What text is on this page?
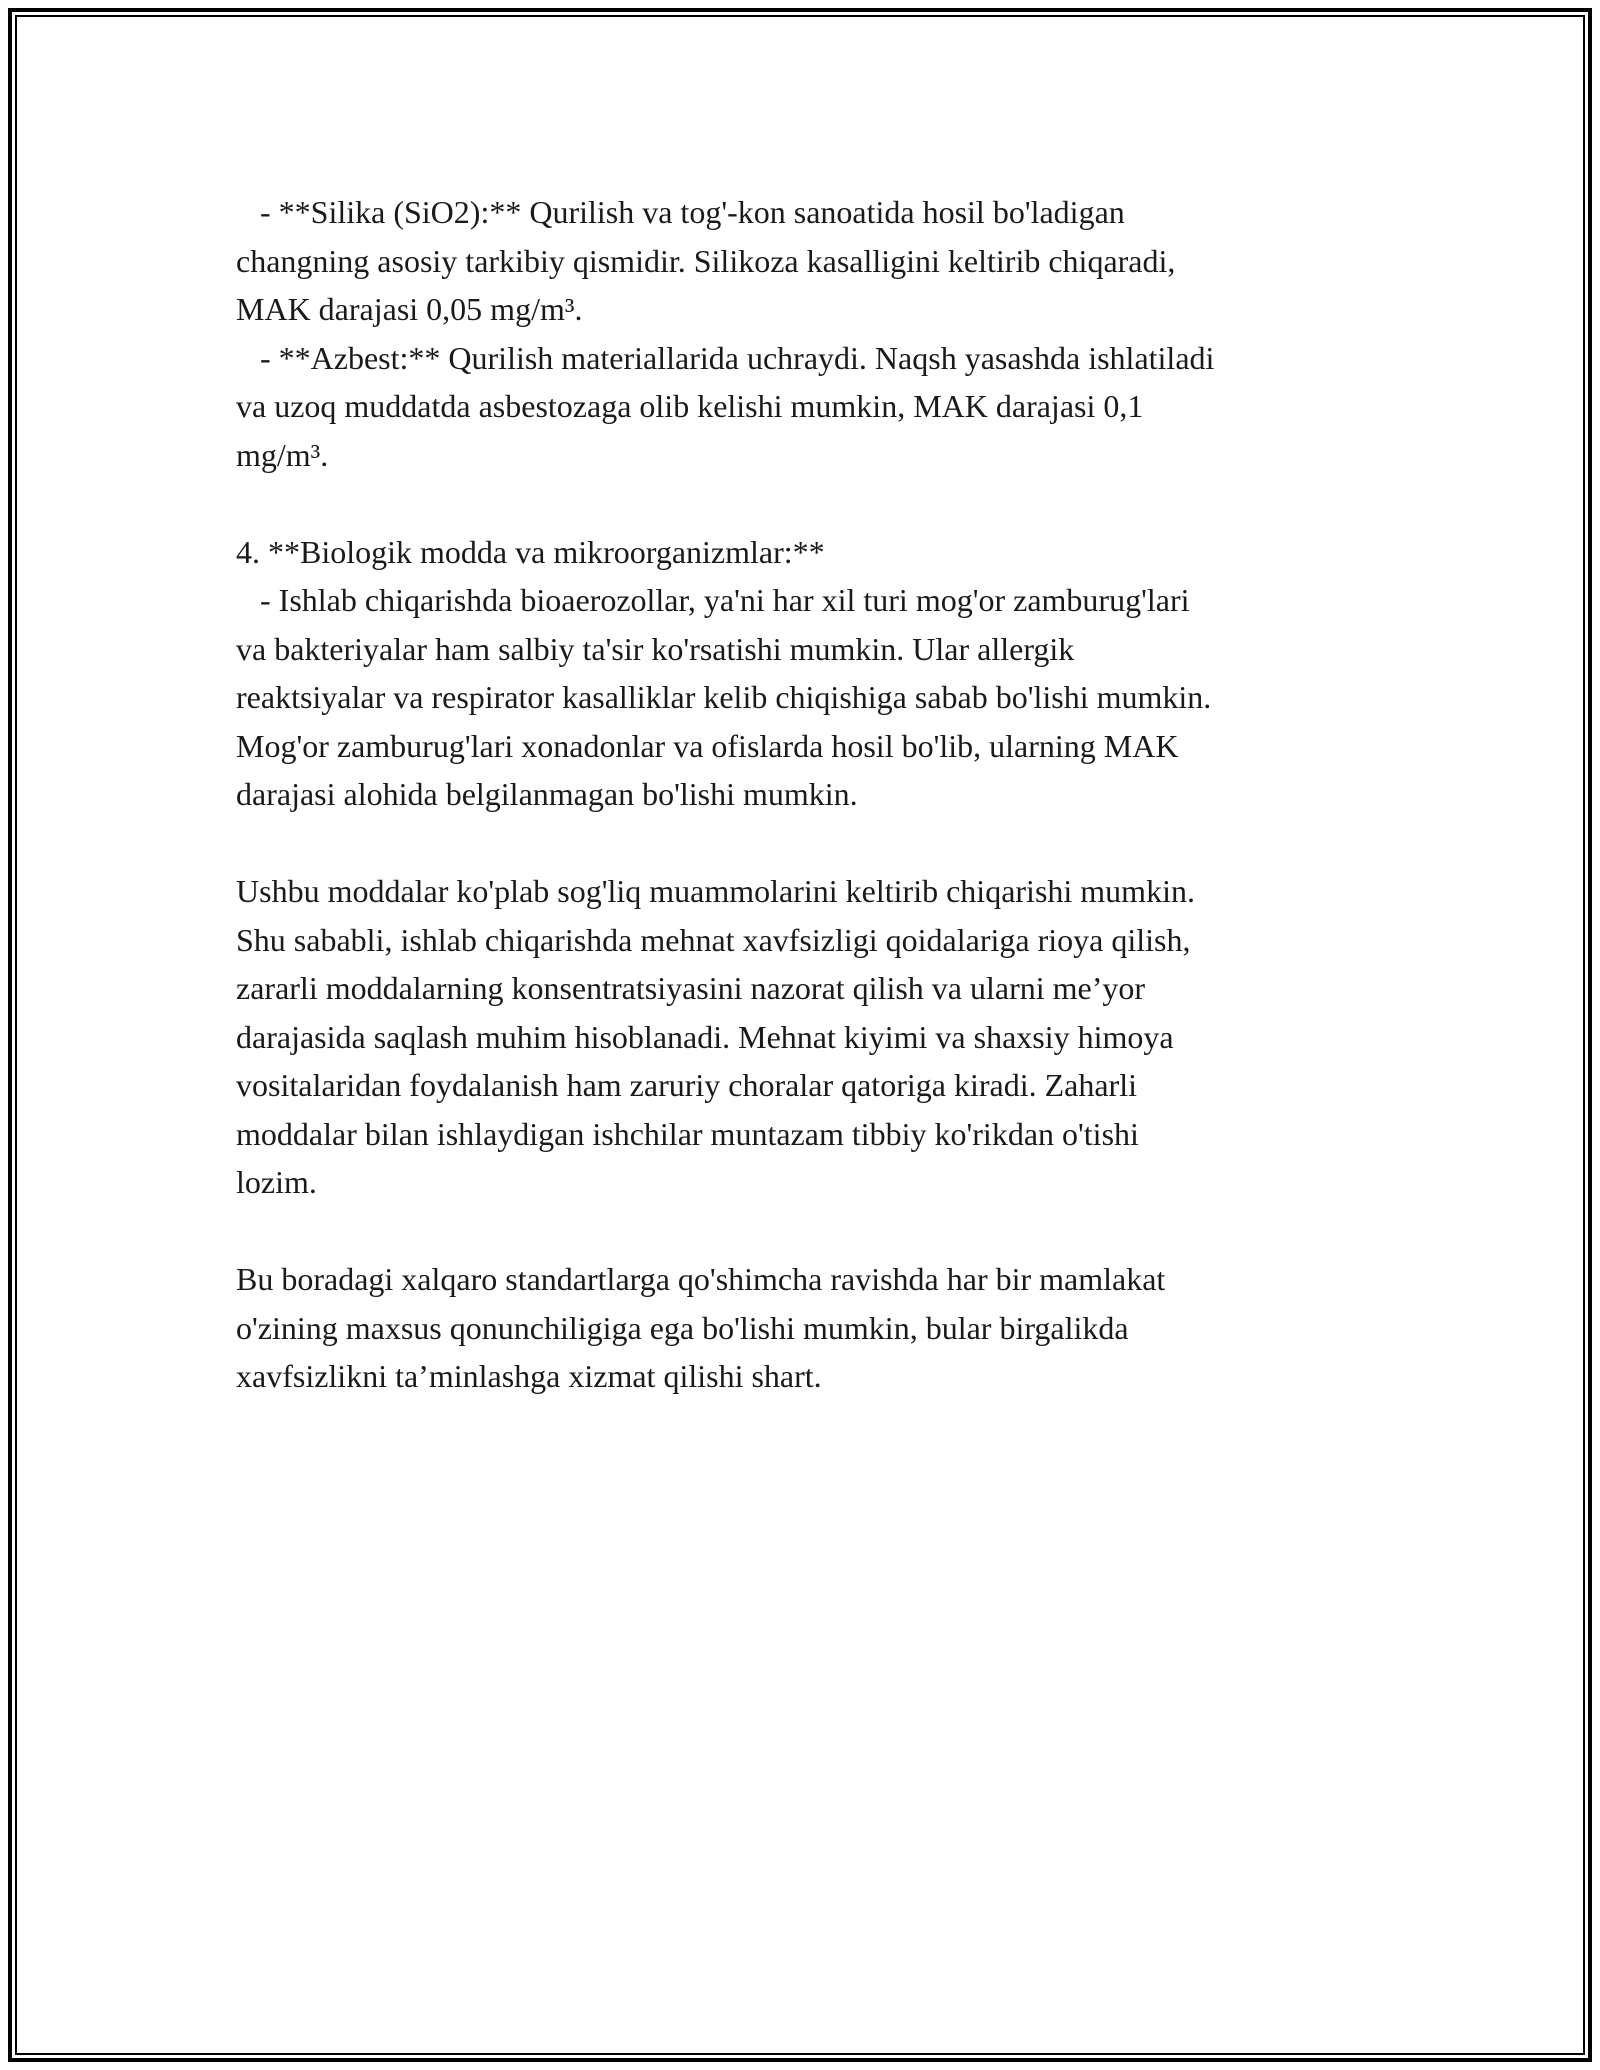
- **Silika (SiO2):** Qurilish va tog'-kon sanoatida hosil bo'ladigan

changning asosiy tarkibiy qismidir. Silikoza kasalligini keltirib chiqaradi,

MAK darajasi 0,05 mg/m³.

- **Azbest:** Qurilish materiallarida uchraydi. Naqsh yasashda ishlatiladi

va uzoq muddatda asbestozaga olib kelishi mumkin, MAK darajasi 0,1

mg/m³.

4. **Biologik modda va mikroorganizmlar:**

- Ishlab chiqarishda bioaerozollar, ya'ni har xil turi mog'or zamburug'lari

va bakteriyalar ham salbiy ta'sir ko'rsatishi mumkin. Ular allergik

reaktsiyalar va respirator kasalliklar kelib chiqishiga sabab bo'lishi mumkin.

Mog'or zamburug'lari xonadonlar va ofislarda hosil bo'lib, ularning MAK

darajasi alohida belgilanmagan bo'lishi mumkin.

Ushbu moddalar ko'plab sog'liq muammolarini keltirib chiqarishi mumkin.

Shu sababli, ishlab chiqarishda mehnat xavfsizligi qoidalariga rioya qilish,

zararli moddalarning konsentratsiyasini nazorat qilish va ularni me’yor

darajasida saqlash muhim hisoblanadi. Mehnat kiyimi va shaxsiy himoya

vositalaridan foydalanish ham zaruriy choralar qatoriga kiradi. Zaharli

moddalar bilan ishlaydigan ishchilar muntazam tibbiy ko'rikdan o'tishi

lozim.

Bu boradagi xalqaro standartlarga qo'shimcha ravishda har bir mamlakat

o'zining maxsus qonunchiligiga ega bo'lishi mumkin, bular birgalikda

xavfsizlikni ta’minlashga xizmat qilishi shart.
